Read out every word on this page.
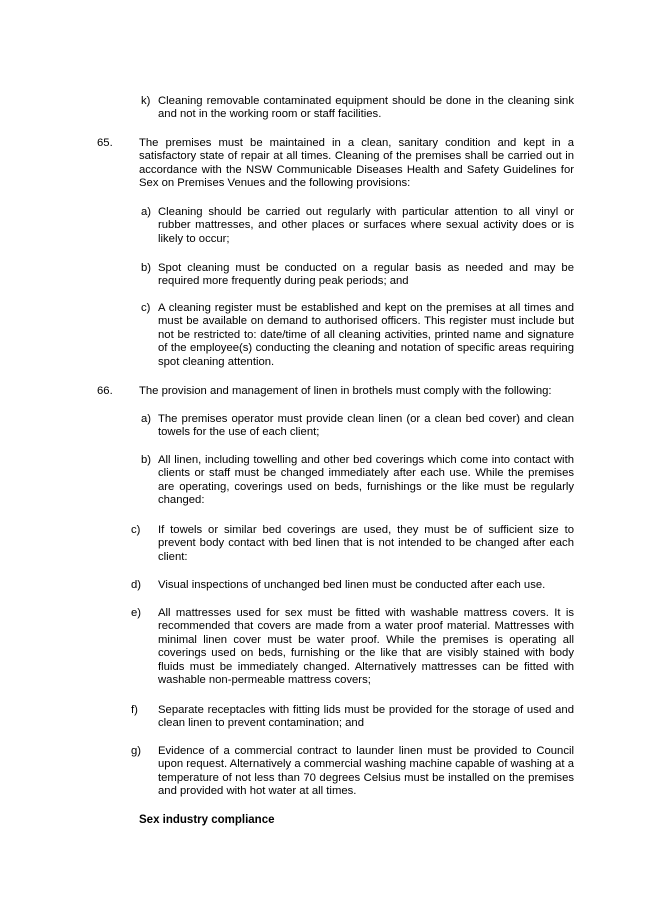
k) Cleaning removable contaminated equipment should be done in the cleaning sink and not in the working room or staff facilities.

65. The premises must be maintained in a clean, sanitary condition and kept in a satisfactory state of repair at all times. Cleaning of the premises shall be carried out in accordance with the NSW Communicable Diseases Health and Safety Guidelines for Sex on Premises Venues and the following provisions:

a) Cleaning should be carried out regularly with particular attention to all vinyl or rubber mattresses, and other places or surfaces where sexual activity does or is likely to occur;

b) Spot cleaning must be conducted on a regular basis as needed and may be required more frequently during peak periods; and

c) A cleaning register must be established and kept on the premises at all times and must be available on demand to authorised officers. This register must include but not be restricted to: date/time of all cleaning activities, printed name and signature of the employee(s) conducting the cleaning and notation of specific areas requiring spot cleaning attention.

66. The provision and management of linen in brothels must comply with the following:

a) The premises operator must provide clean linen (or a clean bed cover) and clean towels for the use of each client;

b) All linen, including towelling and other bed coverings which come into contact with clients or staff must be changed immediately after each use. While the premises are operating, coverings used on beds, furnishings or the like must be regularly changed:

c) If towels or similar bed coverings are used, they must be of sufficient size to prevent body contact with bed linen that is not intended to be changed after each client:

d) Visual inspections of unchanged bed linen must be conducted after each use.

e) All mattresses used for sex must be fitted with washable mattress covers. It is recommended that covers are made from a water proof material. Mattresses with minimal linen cover must be water proof. While the premises is operating all coverings used on beds, furnishing or the like that are visibly stained with body fluids must be immediately changed. Alternatively mattresses can be fitted with washable non-permeable mattress covers;

f) Separate receptacles with fitting lids must be provided for the storage of used and clean linen to prevent contamination; and

g) Evidence of a commercial contract to launder linen must be provided to Council upon request. Alternatively a commercial washing machine capable of washing at a temperature of not less than 70 degrees Celsius must be installed on the premises and provided with hot water at all times.

Sex industry compliance
